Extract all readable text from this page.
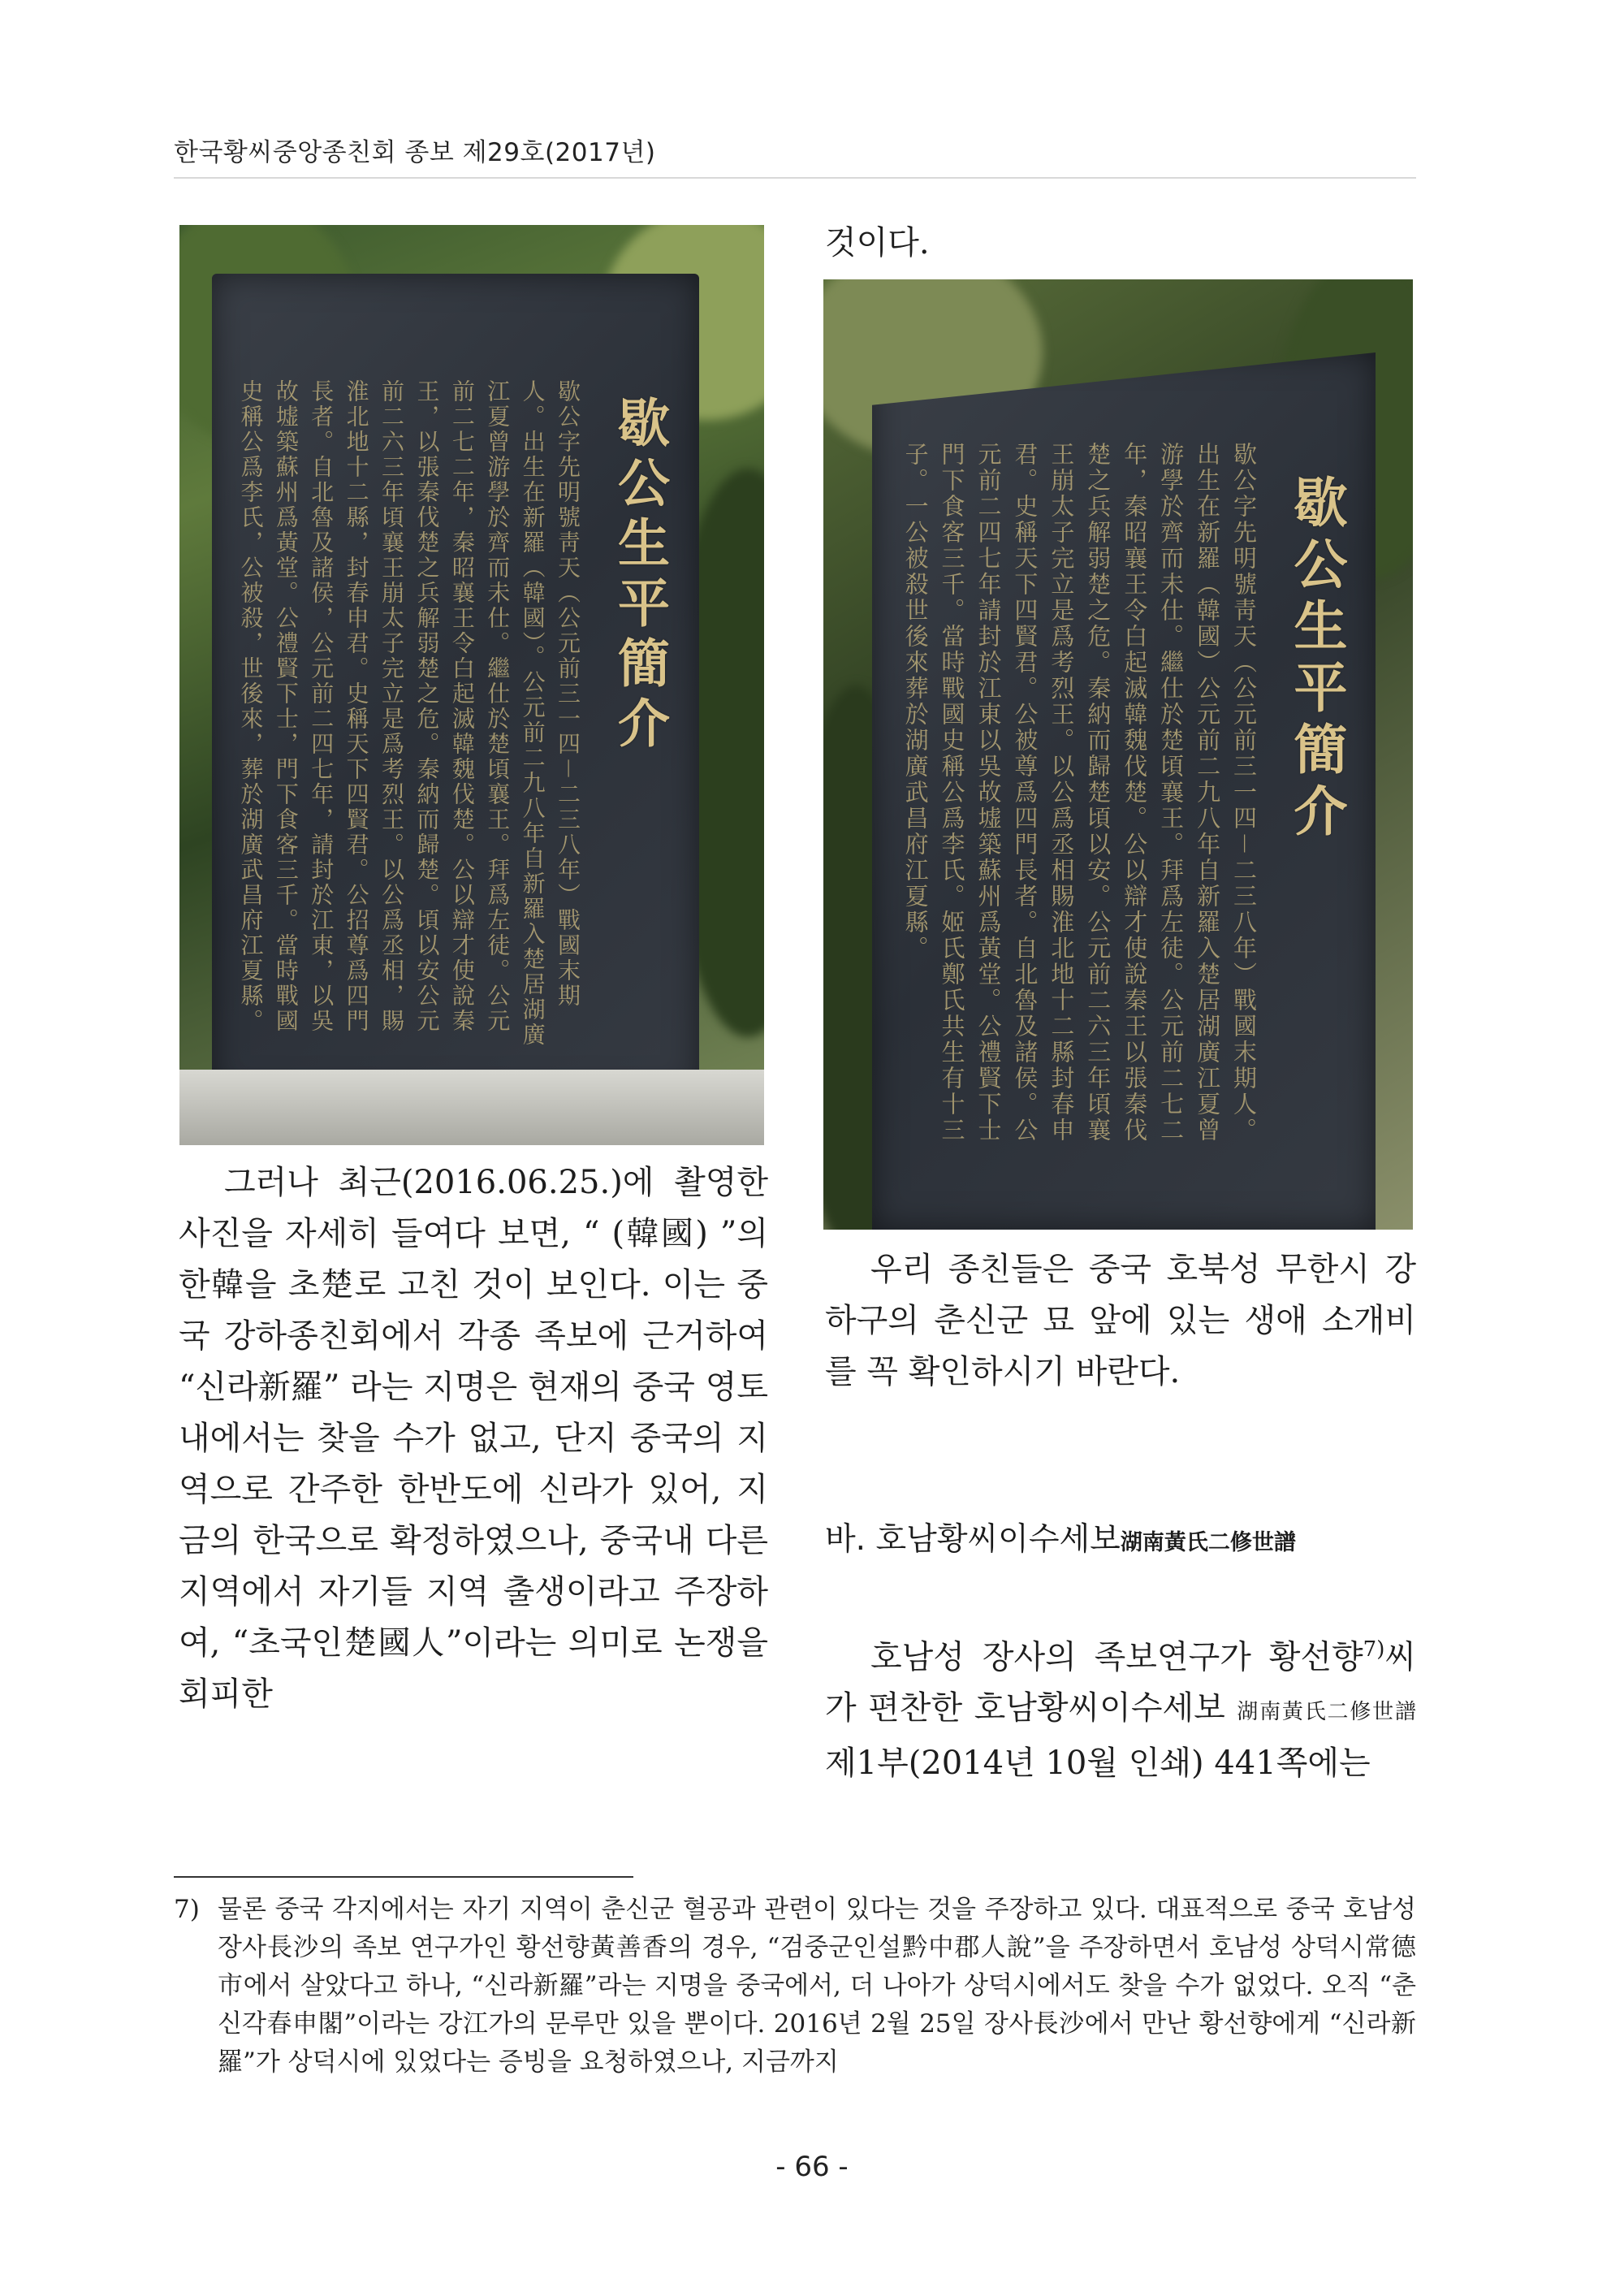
한국황씨중앙종친회 종보 제29호(2017년)
歇公生平簡介
歇公字先明號靑天（公元前三一四－二三八年）戰國末期人。出生在新羅（韓國）。公元前二九八年自新羅入楚居湖廣江夏曾游學於齊而未仕。繼仕於楚頃襄王。拜爲左徒。公元前二七二年，秦昭襄王令白起滅韓魏伐楚。公以辯才使說秦王，以張秦伐楚之兵解弱楚之危。秦納而歸楚。頃以安公元前二六三年頃襄王崩太子完立是爲考烈王。以公爲丞相，賜淮北地十二縣，封春申君。史稱天下四賢君。公招尊爲四門長者。自北魯及諸侯，公元前二四七年，請封於江東，以吳故墟築蘇州爲黃堂。公禮賢下士，門下食客三千。當時戰國史稱公爲李氏，公被殺，世後來，葬於湖廣武昌府江夏縣。
것이다.
歇公生平簡介
歇公字先明號靑天（公元前三一四－二三八年）戰國末期人。出生在新羅（韓國）公元前二九八年自新羅入楚居湖廣江夏曾游學於齊而未仕。繼仕於楚頃襄王。拜爲左徒。公元前二七二年，秦昭襄王令白起滅韓魏伐楚。公以辯才使說秦王以張秦伐楚之兵解弱楚之危。秦納而歸楚頃以安。公元前二六三年頃襄王崩太子完立是爲考烈王。以公爲丞相賜淮北地十二縣封春申君。史稱天下四賢君。公被尊爲四門長者。自北魯及諸侯。公元前二四七年請封於江東以吳故墟築蘇州爲黃堂。公禮賢下士門下食客三千。當時戰國史稱公爲李氏。姬氏鄭氏共生有十三子。一公被殺世後來葬於湖廣武昌府江夏縣。

그러나 최근(2016.06.25.)에 촬영한 사진을 자세히 들여다 보면, “ (韓國) ”의 한韓을 초楚로 고친 것이 보인다. 이는 중국 강하종친회에서 각종 족보에 근거하여 “신라新羅” 라는 지명은 현재의 중국 영토 내에서는 찾을 수가 없고, 단지 중국의 지역으로 간주한 한반도에 신라가 있어, 지금의 한국으로 확정하였으나, 중국내 다른 지역에서 자기들 지역 출생이라고 주장하여, “초국인楚國人”이라는 의미로 논쟁을 회피한

우리 종친들은 중국 호북성 무한시 강하구의 춘신군 묘 앞에 있는 생애 소개비를 꼭 확인하시기 바란다.

바. 호남황씨이수세보湖南黃氏二修世譜

호남성 장사의 족보연구가 황선향$^{7)}$씨가 편찬한 호남황씨이수세보 湖南黃氏二修世譜 제1부(2014년 10월 인쇄) 441쪽에는

7) 물론 중국 각지에서는 자기 지역이 춘신군 혈공과 관련이 있다는 것을 주장하고 있다. 대표적으로 중국 호남성 장사長沙의 족보 연구가인 황선향黃善香의 경우, “검중군인설黔中郡人說”을 주장하면서 호남성 상덕시常德市에서 살았다고 하나, “신라新羅”라는 지명을 중국에서, 더 나아가 상덕시에서도 찾을 수가 없었다. 오직 “춘신각春申閣”이라는 강江가의 문루만 있을 뿐이다. 2016년 2월 25일 장사長沙에서 만난 황선향에게 “신라新羅”가 상덕시에 있었다는 증빙을 요청하였으나, 지금까지
- 66 -
